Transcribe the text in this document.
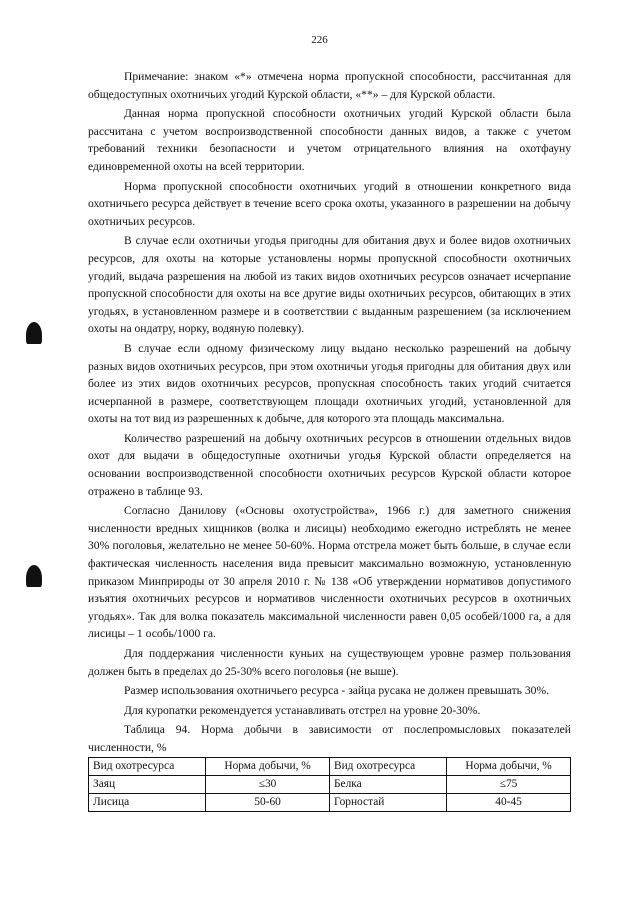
226

Примечание: знаком «*» отмечена норма пропускной способности, рассчитанная для общедоступных охотничьих угодий Курской области, «**» – для Курской области.

Данная норма пропускной способности охотничьих угодий Курской области была рассчитана с учетом воспроизводственной способности данных видов, а также с учетом требований техники безопасности и учетом отрицательного влияния на охотфауну единовременной охоты на всей территории.

Норма пропускной способности охотничьих угодий в отношении конкретного вида охотничьего ресурса действует в течение всего срока охоты, указанного в разрешении на добычу охотничьих ресурсов.

В случае если охотничьи угодья пригодны для обитания двух и более видов охотничьих ресурсов, для охоты на которые установлены нормы пропускной способности охотничьих угодий, выдача разрешения на любой из таких видов охотничьих ресурсов означает исчерпание пропускной способности для охоты на все другие виды охотничьих ресурсов, обитающих в этих угодьях, в установленном размере и в соответствии с выданным разрешением (за исключением охоты на ондатру, норку, водяную полевку).

В случае если одному физическому лицу выдано несколько разрешений на добычу разных видов охотничьих ресурсов, при этом охотничьи угодья пригодны для обитания двух или более из этих видов охотничьих ресурсов, пропускная способность таких угодий считается исчерпанной в размере, соответствующем площади охотничьих угодий, установленной для охоты на тот вид из разрешенных к добыче, для которого эта площадь максимальна.

Количество разрешений на добычу охотничьих ресурсов в отношении отдельных видов охот для выдачи в общедоступные охотничьи угодья Курской области определяется на основании воспроизводственной способности охотничьих ресурсов Курской области которое отражено в таблице 93.

Согласно Данилову («Основы охотустройства», 1966 г.) для заметного снижения численности вредных хищников (волка и лисицы) необходимо ежегодно истреблять не менее 30% поголовья, желательно не менее 50-60%. Норма отстрела может быть больше, в случае если фактическая численность населения вида превысит максимально возможную, установленную приказом Минприроды от 30 апреля 2010 г. № 138 «Об утверждении нормативов допустимого изъятия охотничьих ресурсов и нормативов численности охотничьих ресурсов в охотничьих угодьях». Так для волка показатель максимальной численности равен 0,05 особей/1000 га, а для лисицы – 1 особь/1000 га.

Для поддержания численности куньих на существующем уровне размер пользования должен быть в пределах до 25-30% всего поголовья (не выше).

Размер использования охотничьего ресурса - зайца русака не должен превышать 30%.

Для куропатки рекомендуется устанавливать отстрел на уровне 20-30%.

Таблица 94. Норма добычи в зависимости от послепромысловых показателей численности, %

Вид охотресурса	Норма добычи, %	Вид охотресурса	Норма добычи, %
Заяц	≤30	Белка	≤75
Лисица	50-60	Горностай	40-45
